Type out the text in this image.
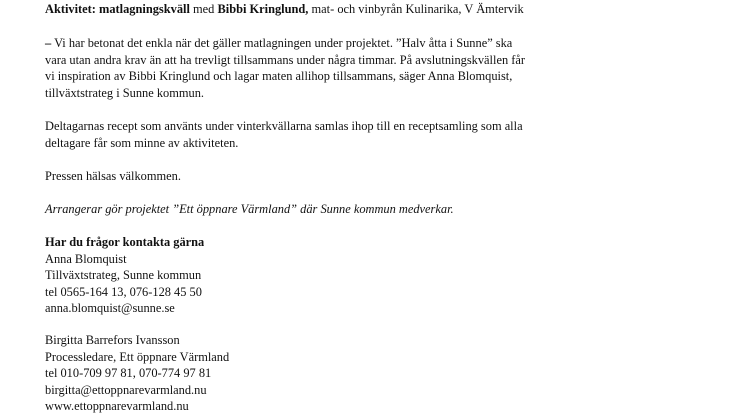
Aktivitet: matlagningskväll med Bibbi Kringlund, mat- och vinbyrån Kulinarika, V Ämtervik

– Vi har betonat det enkla när det gäller matlagningen under projektet. ”Halv åtta i Sunne” ska

vara utan andra krav än att ha trevligt tillsammans under några timmar. På avslutningskvällen får

vi inspiration av Bibbi Kringlund och lagar maten allihop tillsammans, säger Anna Blomquist,

tillväxtstrateg i Sunne kommun.

Deltagarnas recept som använts under vinterkvällarna samlas ihop till en receptsamling som alla

deltagare får som minne av aktiviteten.

Pressen hälsas välkommen.

Arrangerar gör projektet ”Ett öppnare Värmland” där Sunne kommun medverkar.

Har du frågor kontakta gärna

Anna Blomquist

Tillväxtstrateg, Sunne kommun

tel 0565-164 13, 076-128 45 50

anna.blomquist@sunne.se

Birgitta Barrefors Ivansson

Processledare, Ett öppnare Värmland

tel 010-709 97 81, 070-774 97 81

birgitta@ettoppnarevarmland.nu

www.ettoppnarevarmland.nu
